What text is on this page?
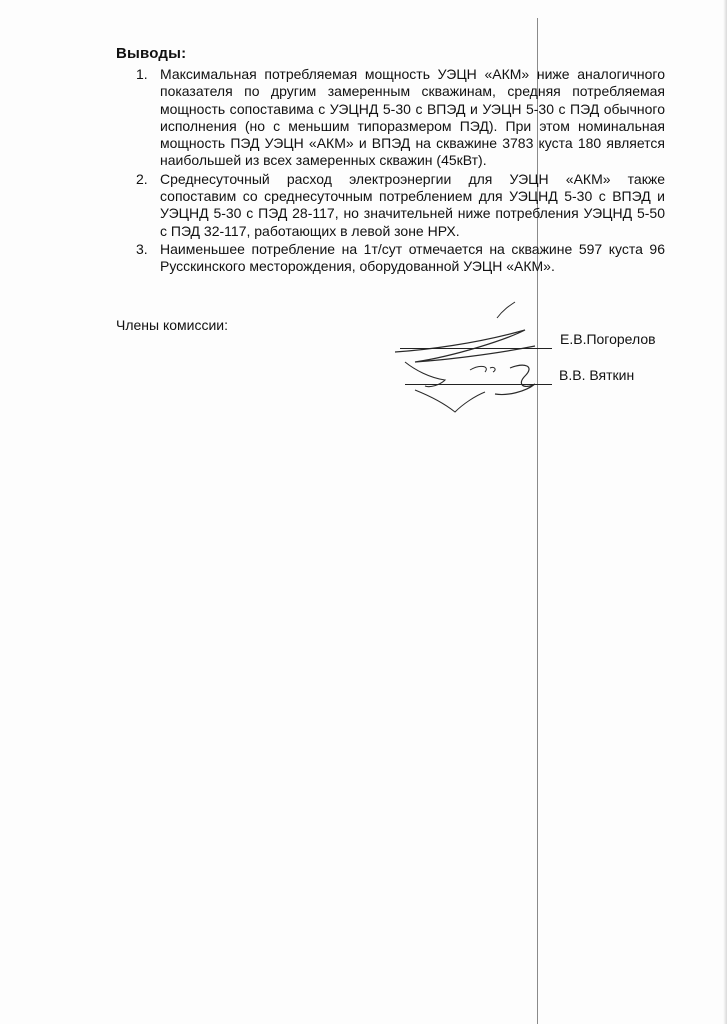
Выводы:
1. Максимальная потребляемая мощность УЭЦН «АКМ» ниже аналогичного показателя по другим замеренным скважинам, средняя потребляемая мощность сопоставима с УЭЦНД 5-30 с ВПЭД и УЭЦН 5-30 с ПЭД обычного исполнения (но с меньшим типоразмером ПЭД). При этом номинальная мощность ПЭД УЭЦН «АКМ» и ВПЭД на скважине 3783 куста 180 является наибольшей из всех замеренных скважин (45кВт).
2. Среднесуточный расход электроэнергии для УЭЦН «АКМ» также сопоставим со среднесуточным потреблением для УЭЦНД 5-30 с ВПЭД и УЭЦНД 5-30 с ПЭД 28-117, но значительней ниже потребления УЭЦНД 5-50 с ПЭД 32-117, работающих в левой зоне НРХ.
3. Наименьшее потребление на 1т/сут отмечается на скважине 597 куста 96 Русскинского месторождения, оборудованной УЭЦН «АКМ».
Члены комиссии:
Е.В.Погорелов
В.В. Вяткин
